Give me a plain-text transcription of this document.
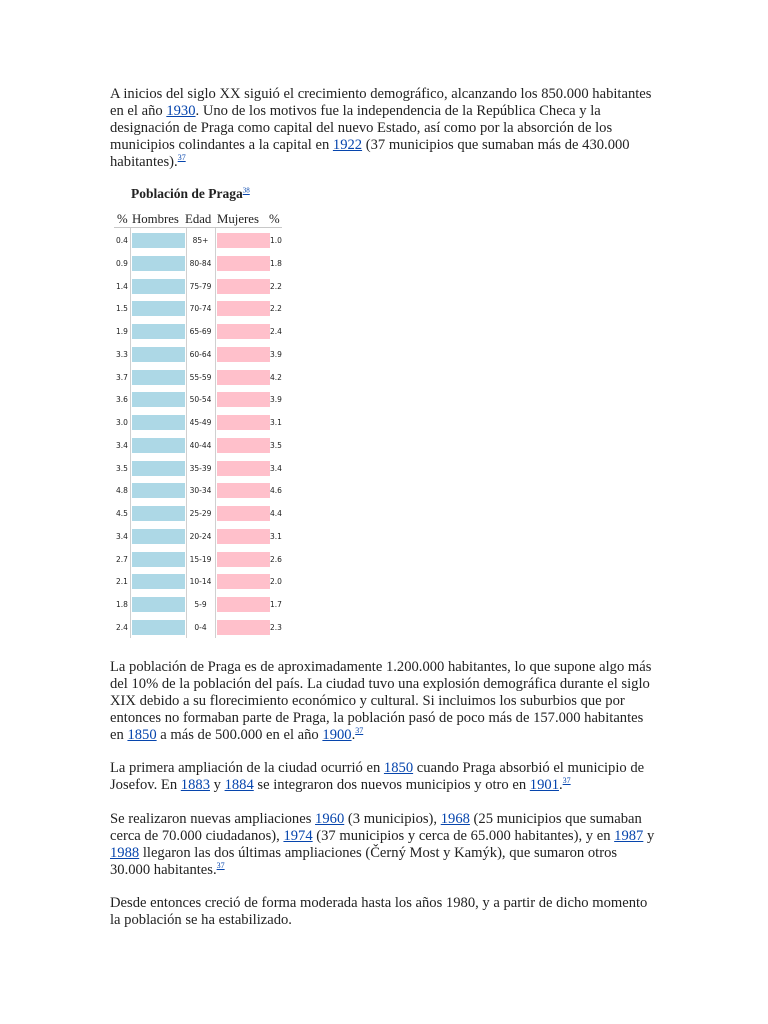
A inicios del siglo XX siguió el crecimiento demográfico, alcanzando los 850.000 habitantes en el año 1930. Uno de los motivos fue la independencia de la República Checa y la designación de Praga como capital del nuevo Estado, así como por la absorción de los municipios colindantes a la capital en 1922 (37 municipios que sumaban más de 430.000 habitantes).$^{37}$

Población de Praga$^{38}$
% Hombres Edad Mujeres %
0.4	85+	1.0
0.9	80-84	1.8
1.4	75-79	2.2
1.5	70-74	2.2
1.9	65-69	2.4
3.3	60-64	3.9
3.7	55-59	4.2
3.6	50-54	3.9
3.0	45-49	3.1
3.4	40-44	3.5
3.5	35-39	3.4
4.8	30-34	4.6
4.5	25-29	4.4
3.4	20-24	3.1
2.7	15-19	2.6
2.1	10-14	2.0
1.8	5-9	1.7
2.4	0-4	2.3

La población de Praga es de aproximadamente 1.200.000 habitantes, lo que supone algo más del 10% de la población del país. La ciudad tuvo una explosión demográfica durante el siglo XIX debido a su florecimiento económico y cultural. Si incluimos los suburbios que por entonces no formaban parte de Praga, la población pasó de poco más de 157.000 habitantes en 1850 a más de 500.000 en el año 1900.37

La primera ampliación de la ciudad ocurrió en 1850 cuando Praga absorbió el municipio de Josefov. En 1883 y 1884 se integraron dos nuevos municipios y otro en 1901.37

Se realizaron nuevas ampliaciones 1960 (3 municipios), 1968 (25 municipios que sumaban cerca de 70.000 ciudadanos), 1974 (37 municipios y cerca de 65.000 habitantes), y en 1987 y 1988 llegaron las dos últimas ampliaciones (Černý Most y Kamýk), que sumaron otros 30.000 habitantes.$^{37}$

Desde entonces creció de forma moderada hasta los años 1980, y a partir de dicho momento la población se ha estabilizado.
